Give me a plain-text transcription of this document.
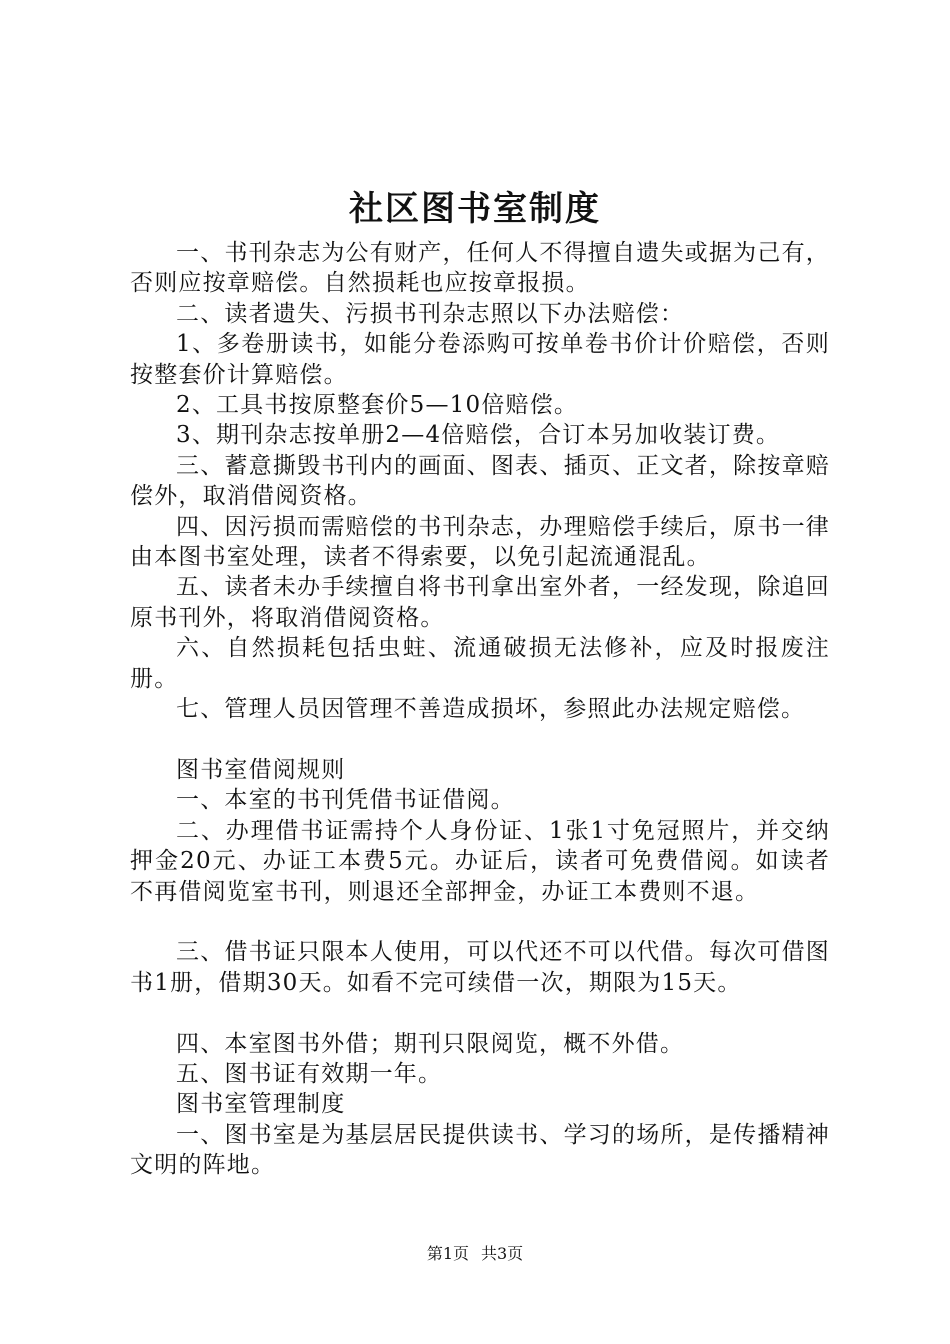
社区图书室制度

一、书刊杂志为公有财产，任何人不得擅自遗失或据为己有，否则应按章赔偿。自然损耗也应按章报损。

二、读者遗失、污损书刊杂志照以下办法赔偿：

1、多卷册读书，如能分卷添购可按单卷书价计价赔偿，否则按整套价计算赔偿。

2、工具书按原整套价5—10倍赔偿。

3、期刊杂志按单册2—4倍赔偿，合订本另加收装订费。

三、蓄意撕毁书刊内的画面、图表、插页、正文者，除按章赔偿外，取消借阅资格。

四、因污损而需赔偿的书刊杂志，办理赔偿手续后，原书一律由本图书室处理，读者不得索要，以免引起流通混乱。

五、读者未办手续擅自将书刊拿出室外者，一经发现，除追回原书刊外，将取消借阅资格。

六、自然损耗包括虫蛀、流通破损无法修补，应及时报废注册。

七、管理人员因管理不善造成损坏，参照此办法规定赔偿。

图书室借阅规则

一、本室的书刊凭借书证借阅。

二、办理借书证需持个人身份证、1张1寸免冠照片，并交纳押金20元、办证工本费5元。办证后，读者可免费借阅。如读者不再借阅览室书刊，则退还全部押金，办证工本费则不退。

三、借书证只限本人使用，可以代还不可以代借。每次可借图书1册，借期30天。如看不完可续借一次，期限为15天。

四、本室图书外借；期刊只限阅览，概不外借。

五、图书证有效期一年。

图书室管理制度

一、图书室是为基层居民提供读书、学习的场所，是传播精神文明的阵地。

第1页 共3页
